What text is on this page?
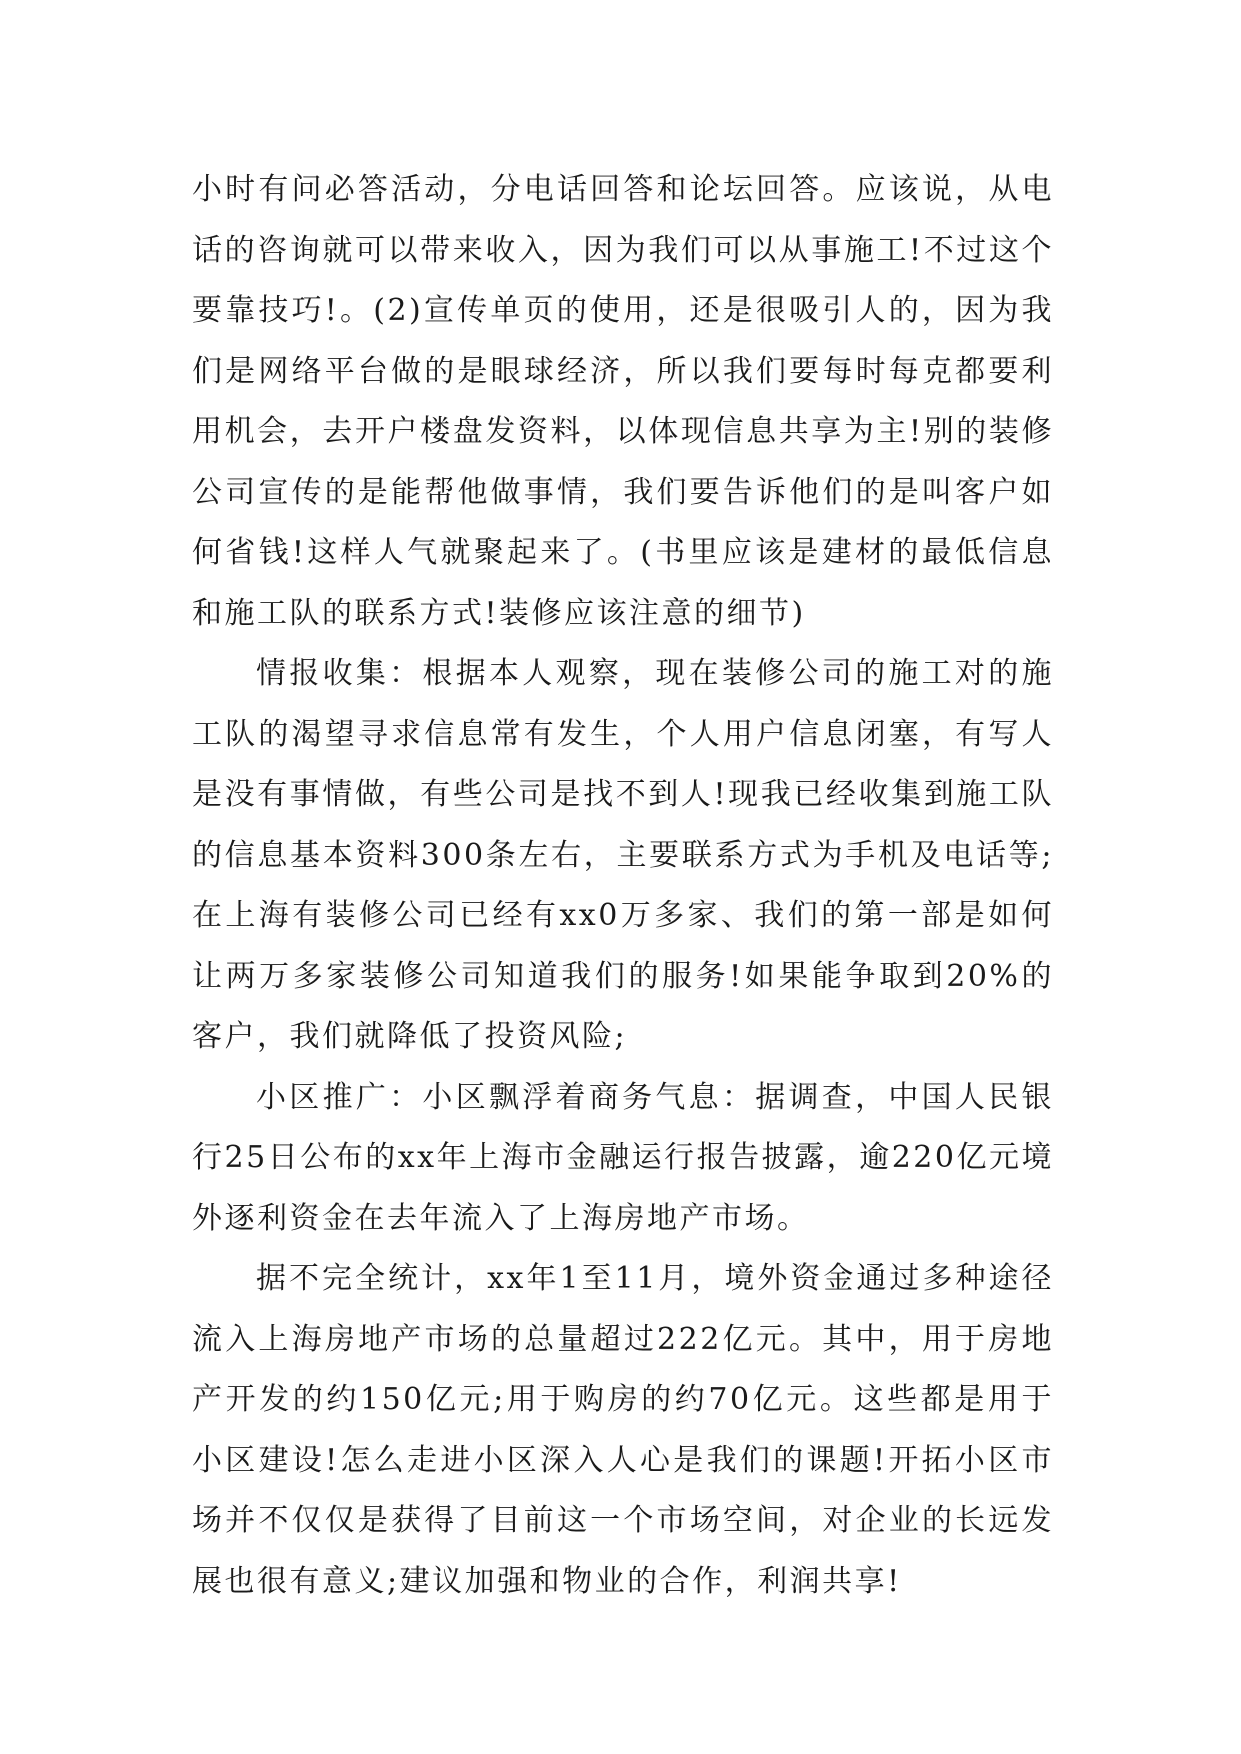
小时有问必答活动，分电话回答和论坛回答。应该说，从电话的咨询就可以带来收入，因为我们可以从事施工!不过这个要靠技巧!。(2)宣传单页的使用，还是很吸引人的，因为我们是网络平台做的是眼球经济，所以我们要每时每克都要利用机会，去开户楼盘发资料，以体现信息共享为主!别的装修公司宣传的是能帮他做事情，我们要告诉他们的是叫客户如何省钱!这样人气就聚起来了。(书里应该是建材的最低信息和施工队的联系方式!装修应该注意的细节)

情报收集：根据本人观察，现在装修公司的施工对的施工队的渴望寻求信息常有发生，个人用户信息闭塞，有写人是没有事情做，有些公司是找不到人!现我已经收集到施工队的信息基本资料300条左右，主要联系方式为手机及电话等;在上海有装修公司已经有xx0万多家、我们的第一部是如何让两万多家装修公司知道我们的服务!如果能争取到20%的客户，我们就降低了投资风险;

小区推广：小区飘浮着商务气息：据调查，中国人民银行25日公布的xx年上海市金融运行报告披露，逾220亿元境外逐利资金在去年流入了上海房地产市场。

据不完全统计，xx年1至11月，境外资金通过多种途径流入上海房地产市场的总量超过222亿元。其中，用于房地产开发的约150亿元;用于购房的约70亿元。这些都是用于小区建设!怎么走进小区深入人心是我们的课题!开拓小区市场并不仅仅是获得了目前这一个市场空间，对企业的长远发展也很有意义;建议加强和物业的合作，利润共享!
